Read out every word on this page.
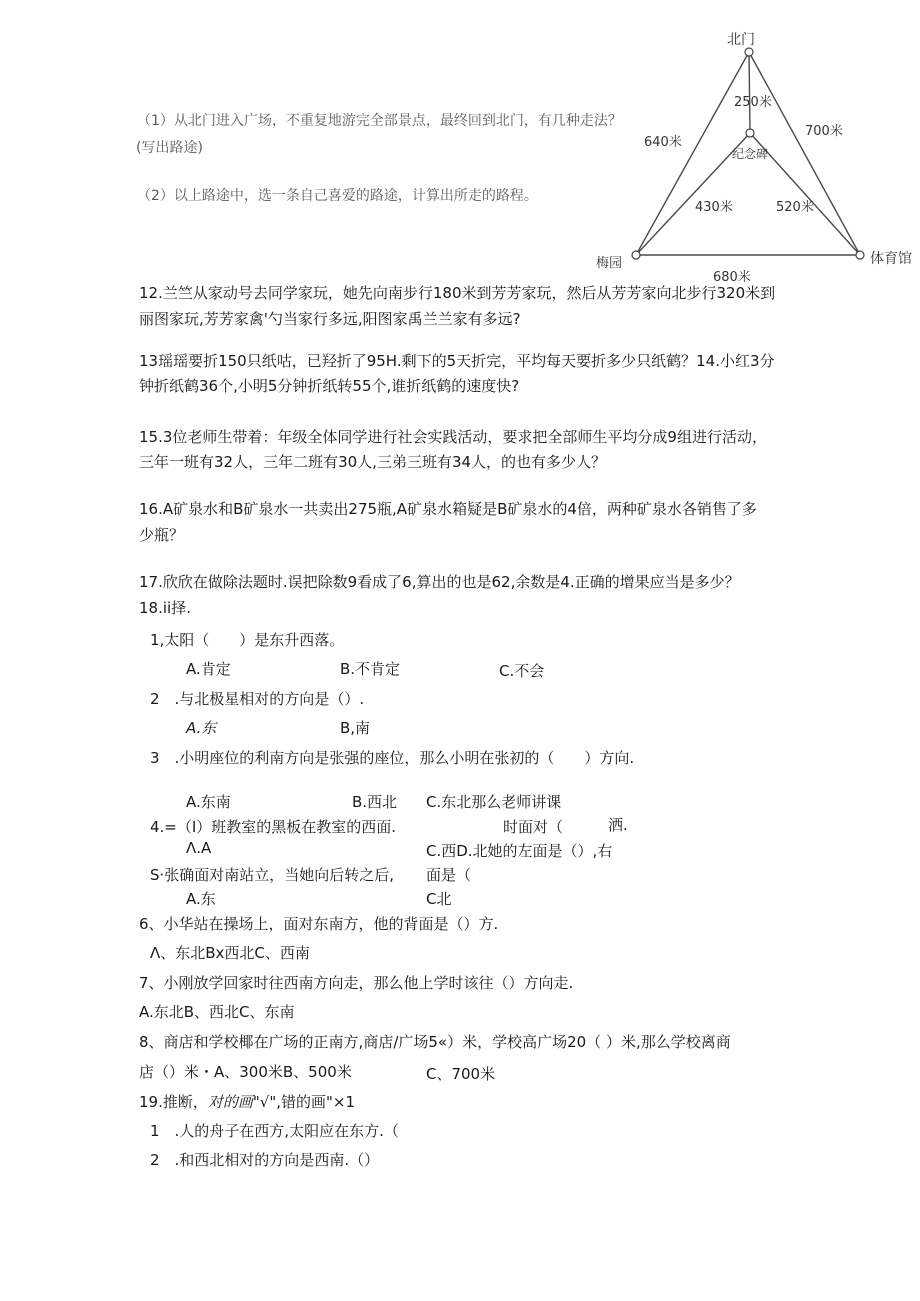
北门
纪念碑
梅园	体育馆
250米
700米
640米
430米	520米
680米
（1）从北门进入广场，不重复地游完全部景点，最终回到北门，有几种走法？
(写出路途)
（2）以上路途中，选一条自己喜爱的路途，计算出所走的路程。
12.兰竺从家动号去同学家玩，她先向南步行180米到芳芳家玩，然后从芳芳家向北步行320米到
丽图家玩,芳芳家禽'勺当家行多远,阳图家禹兰兰家有多远?
13瑶瑶要折150只纸咕，已羟折了95H.剩下的5天折完，平均每天要折多少只纸鹤？14.小红3分
钟折纸鹤36个,小明5分钟折纸转55个,谁折纸鹤的速度快?
15.3位老师生带着：年级全体同学进行社会实践活动，要求把全部师生平均分成9组进行活动，
三年一班有32人，三年二班有30人,三弟三班有34人，的也有多少人？
16.A矿泉水和B矿泉水一共卖出275瓶,A矿泉水箱疑是B矿泉水的4倍，两种矿泉水各销售了多
少瓶？
17.欣欣在做除法题时.误把除数9看成了6,算出的也是62,余数是4.正确的增果应当是多少？
18.ii择.
1,太阳（　　）是东升西落。
A.肯定	B.不肯定	C.不会
2　.与北极星相对的方向是（）.
A.东	B,南
3　.小明座位的利南方向是张强的座位，那么小明在张初的（　　）方向.
A.东南	B.西北 C.东北那么老师讲课
4.=（I）班教室的黑板在教室的西面.	时面对（	洒.
Λ.A	C.西D.北她的左面是（）,右
S·张确面对南站立，当她向后转之后, 面是（
A.东	C北
6、小华站在操场上，面对东南方，他的背面是（）方.
Λ、东北Bx西北C、西南
7、小刚放学回家时往西南方向走，那么他上学时该往（）方向走.
A.东北B、西北C、东南
8、商店和学校椰在广场的正南方,商店/广场5«）米，学校高广场20（ ）米,那么学校离商
店（）米・A、300米B、500米	C、700米
19.推断，对的画"√",错的画"×1
1　.人的舟子在西方,太阳应在东方.（
2　.和西北相对的方向是西南.（）
